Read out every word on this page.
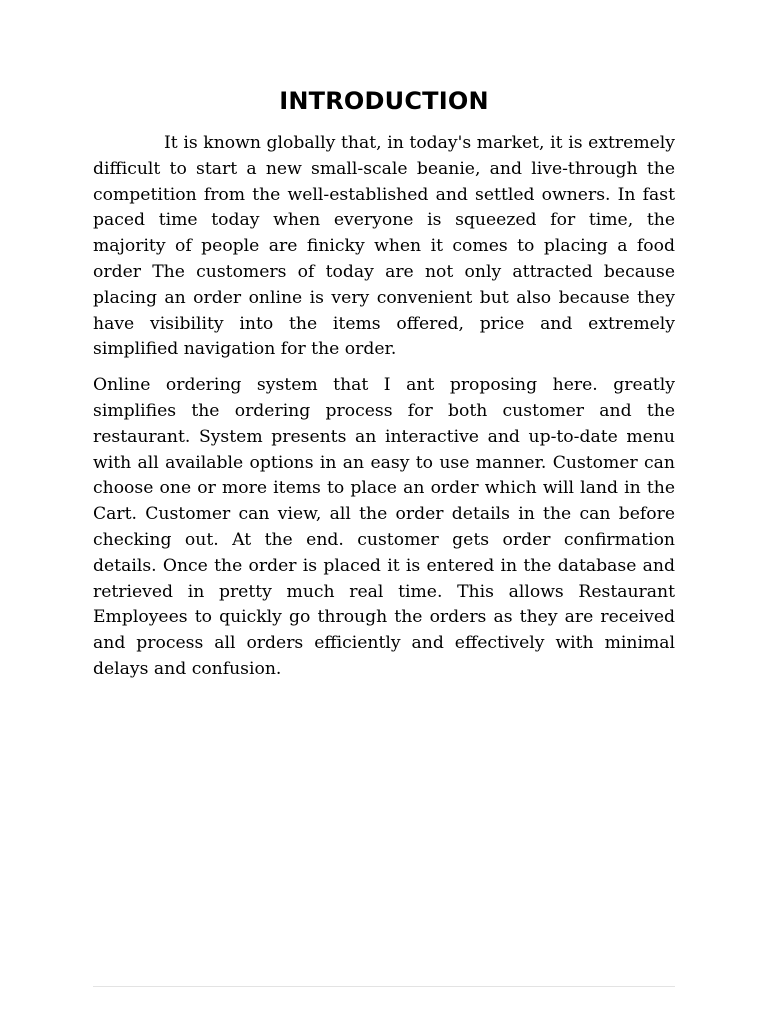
INTRODUCTION

It is known globally that, in today's market, it is extremely difficult to start a new small-scale beanie, and live-through the competition from the well-established and settled owners. In fast paced time today when everyone is squeezed for time, the majority of people are finicky when it comes to placing a food order The customers of today are not only attracted because placing an order online is very convenient but also because they have visibility into the items offered, price and extremely simplified navigation for the order.

Online ordering system that I ant proposing here. greatly simplifies the ordering process for both customer and the restaurant. System presents an interactive and up-to-date menu with all available options in an easy to use manner. Customer can choose one or more items to place an order which will land in the Cart. Customer can view, all the order details in the can before checking out. At the end. customer gets order confirmation details. Once the order is placed it is entered in the database and retrieved in pretty much real time. This allows Restaurant Employees to quickly go through the orders as they are received and process all orders efficiently and effectively with minimal delays and confusion.
